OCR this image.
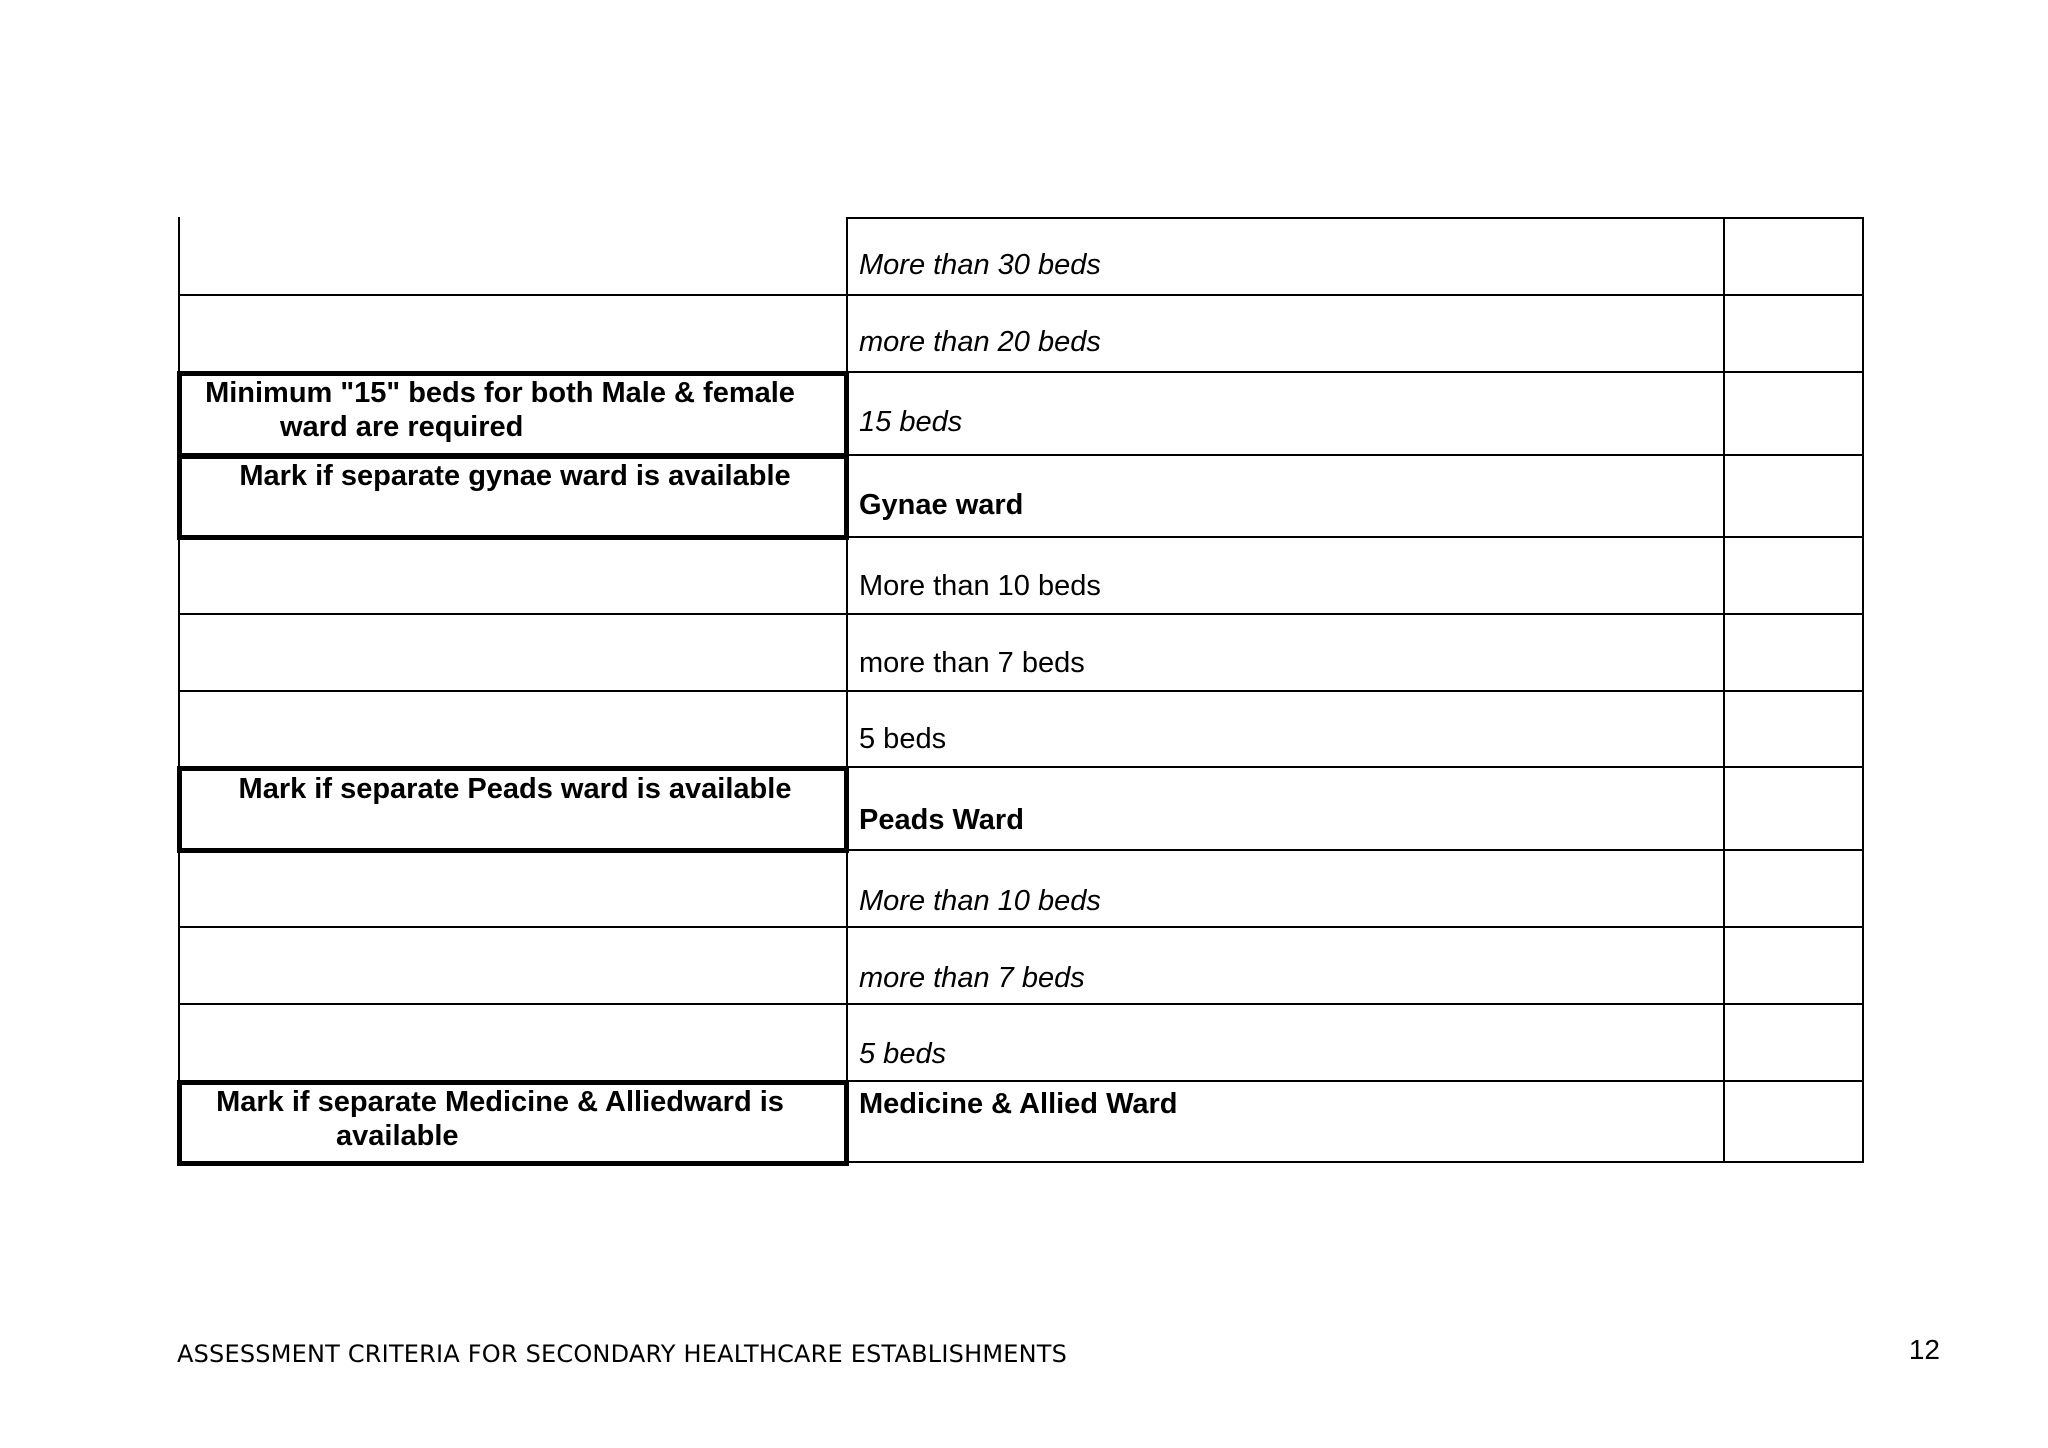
Minimum "15" beds for both Male & female
ward are required
Mark if separate gynae ward is available
Mark if separate Peads ward is available
Mark if separate Medicine & Alliedward is
available
More than 30 beds
more than 20 beds
15 beds
Gynae ward
More than 10 beds
more than 7 beds
5 beds
Peads Ward
More than 10 beds
more than 7 beds
5 beds
Medicine & Allied Ward
ASSESSMENT CRITERIA FOR SECONDARY HEALTHCARE ESTABLISHMENTS	12
